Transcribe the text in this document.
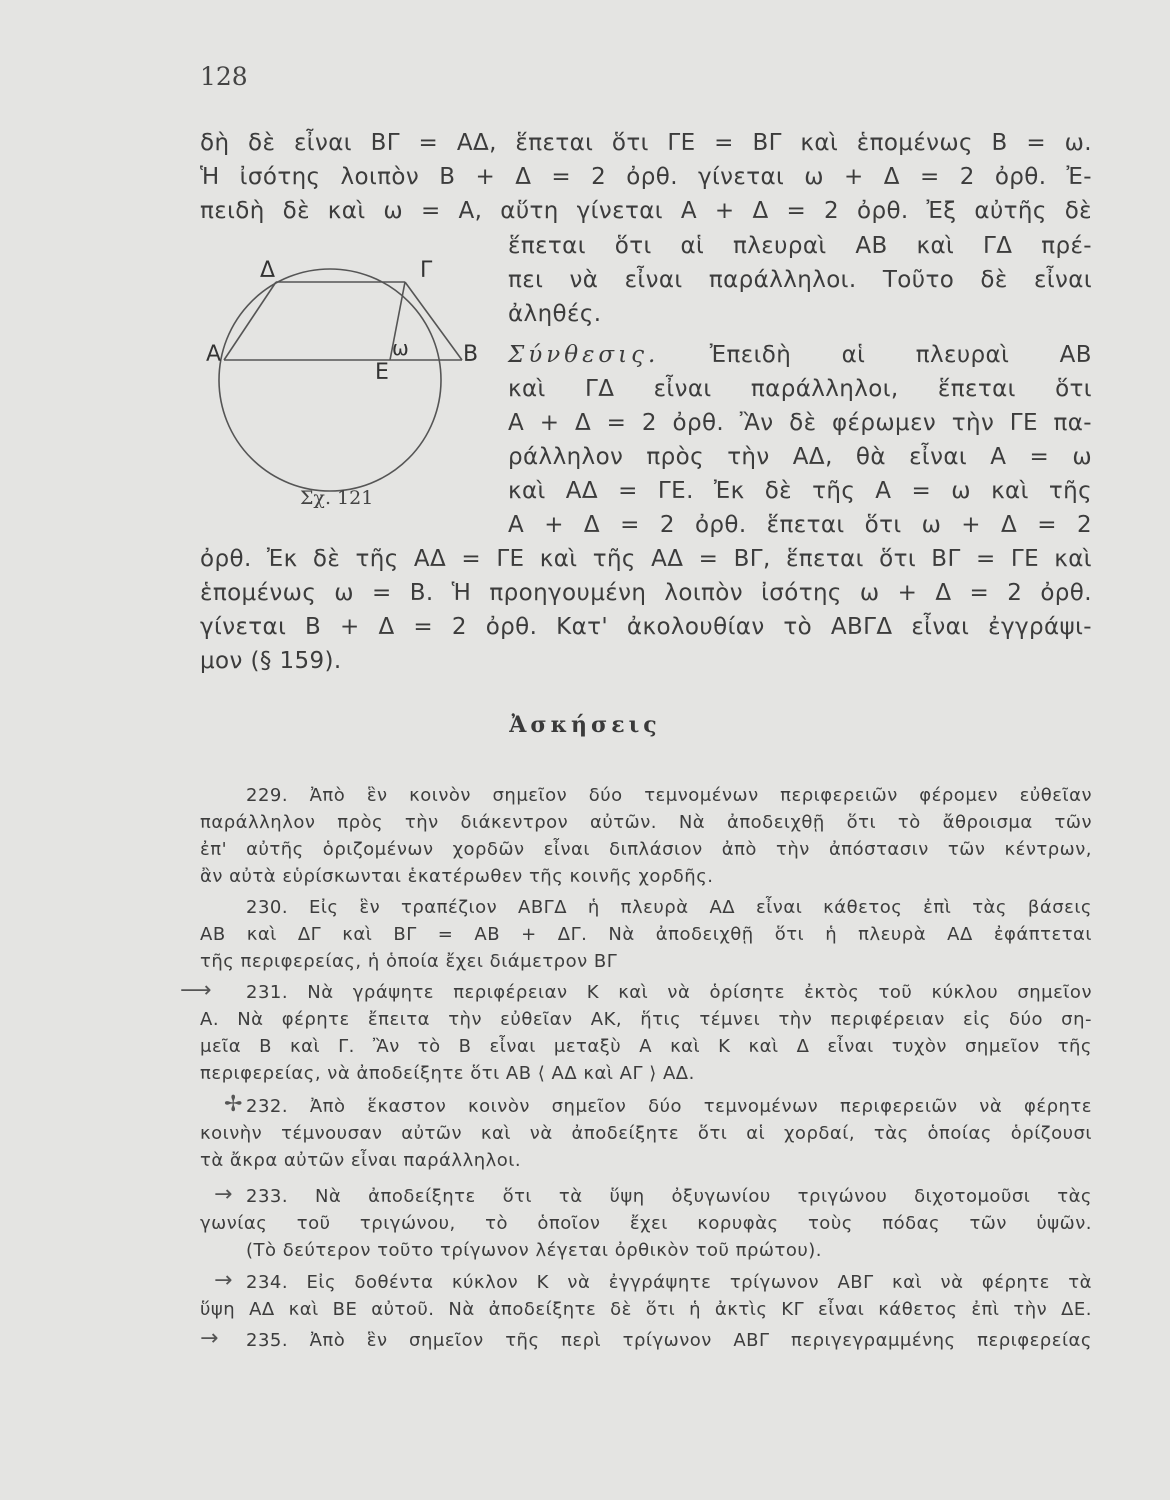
128
δὴ δὲ εἶναι ΒΓ = ΑΔ, ἕπεται ὅτι ΓΕ = ΒΓ καὶ ἑπομένως Β = ω.
Ἡ ἰσότης λοιπὸν Β + Δ = 2 ὀρθ. γίνεται ω + Δ = 2 ὀρθ. Ἐ-
πειδὴ δὲ καὶ ω = Α, αὕτη γίνεται Α + Δ = 2 ὀρθ. Ἐξ αὐτῆς δὲ
ἕπεται ὅτι αἱ πλευραὶ ΑΒ καὶ ΓΔ πρέ-
πει νὰ εἶναι παράλληλοι. Τοῦτο δὲ εἶναι
ἀληθές.
Σύνθεσις. Ἐπειδὴ αἱ πλευραὶ ΑΒ
καὶ ΓΔ εἶναι παράλληλοι, ἕπεται ὅτι
Α + Δ = 2 ὀρθ. Ἂν δὲ φέρωμεν τὴν ΓΕ πα-
ράλληλον πρὸς τὴν ΑΔ, θὰ εἶναι Α = ω
καὶ ΑΔ = ΓΕ. Ἐκ δὲ τῆς Α = ω καὶ τῆς
Α + Δ = 2 ὀρθ. ἕπεται ὅτι ω + Δ = 2
Δ	Γ
Α	Β
ω
Ε
Σχ. 121
ὀρθ. Ἐκ δὲ τῆς ΑΔ = ΓΕ καὶ τῆς ΑΔ = ΒΓ, ἕπεται ὅτι ΒΓ = ΓΕ καὶ
ἑπομένως ω = Β. Ἡ προηγουμένη λοιπὸν ἰσότης ω + Δ = 2 ὀρθ.
γίνεται Β + Δ = 2 ὀρθ. Κατ' ἀκολουθίαν τὸ ΑΒΓΔ εἶναι ἐγγράψι-
μον (§ 159).
Ἀσκήσεις
229. Ἀπὸ ἓν κοινὸν σημεῖον δύο τεμνομένων περιφερειῶν φέρομεν εὐθεῖαν
παράλληλον πρὸς τὴν διάκεντρον αὐτῶν. Νὰ ἀποδειχθῇ ὅτι τὸ ἄθροισμα τῶν
ἐπ' αὐτῆς ὁριζομένων χορδῶν εἶναι διπλάσιον ἀπὸ τὴν ἀπόστασιν τῶν κέντρων,
ἂν αὐτὰ εὑρίσκωνται ἑκατέρωθεν τῆς κοινῆς χορδῆς.
230. Εἰς ἓν τραπέζιον ΑΒΓΔ ἡ πλευρὰ ΑΔ εἶναι κάθετος ἐπὶ τὰς βάσεις
ΑΒ καὶ ΔΓ καὶ ΒΓ = ΑΒ + ΔΓ. Νὰ ἀποδειχθῇ ὅτι ἡ πλευρὰ ΑΔ ἐφάπτεται
τῆς περιφερείας, ἡ ὁποία ἔχει διάμετρον ΒΓ
⟶ 231. Νὰ γράψητε περιφέρειαν Κ καὶ νὰ ὁρίσητε ἐκτὸς τοῦ κύκλου σημεῖον
Α. Νὰ φέρητε ἔπειτα τὴν εὐθεῖαν ΑΚ, ἥτις τέμνει τὴν περιφέρειαν εἰς δύο ση-
μεῖα Β καὶ Γ. Ἂν τὸ Β εἶναι μεταξὺ Α καὶ Κ καὶ Δ εἶναι τυχὸν σημεῖον τῆς
περιφερείας, νὰ ἀποδείξητε ὅτι ΑΒ ⟨ ΑΔ καὶ ΑΓ ⟩ ΑΔ.
✢ 232. Ἀπὸ ἕκαστον κοινὸν σημεῖον δύο τεμνομένων περιφερειῶν νὰ φέρητε
κοινὴν τέμνουσαν αὐτῶν καὶ νὰ ἀποδείξητε ὅτι αἱ χορδαί, τὰς ὁποίας ὁρίζουσι
τὰ ἄκρα αὐτῶν εἶναι παράλληλοι.
→ 233. Νὰ ἀποδείξητε ὅτι τὰ ὕψη ὀξυγωνίου τριγώνου διχοτομοῦσι τὰς
γωνίας τοῦ τριγώνου, τὸ ὁποῖον ἔχει κορυφὰς τοὺς πόδας τῶν ὑψῶν.
(Τὸ δεύτερον τοῦτο τρίγωνον λέγεται ὀρθικὸν τοῦ πρώτου).
→ 234. Εἰς δοθέντα κύκλον Κ νὰ ἐγγράψητε τρίγωνον ΑΒΓ καὶ νὰ φέρητε τὰ
ὕψη ΑΔ καὶ ΒΕ αὐτοῦ. Νὰ ἀποδείξητε δὲ ὅτι ἡ ἀκτὶς ΚΓ εἶναι κάθετος ἐπὶ τὴν ΔΕ.
→ 235. Ἀπὸ ἓν σημεῖον τῆς περὶ τρίγωνον ΑΒΓ περιγεγραμμένης περιφερείας
